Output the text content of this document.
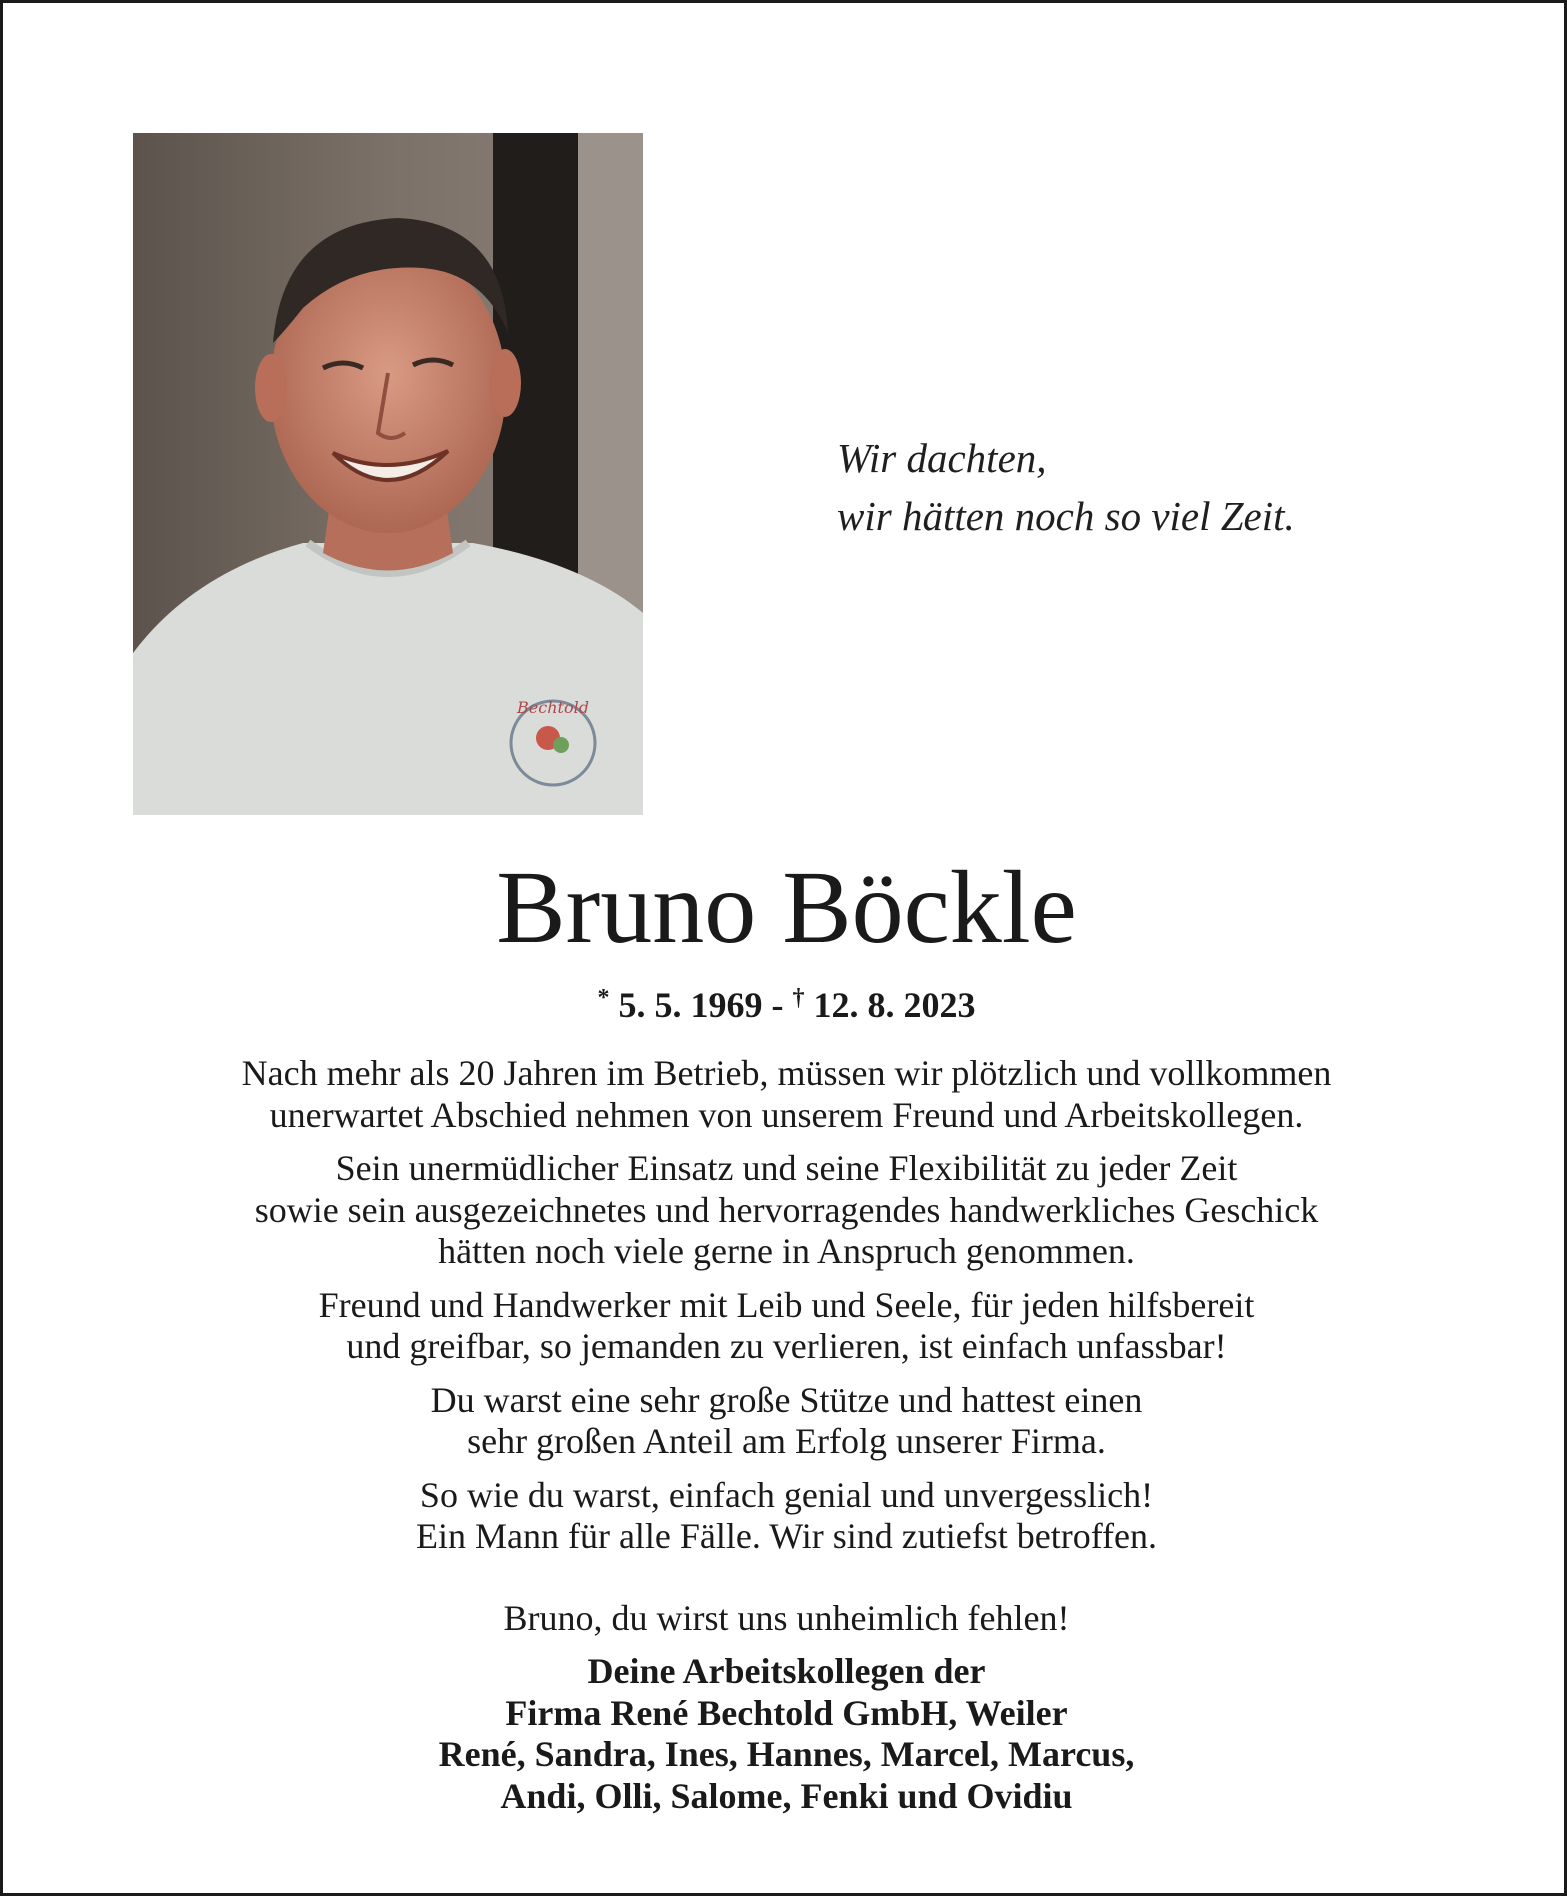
Bechtold
Wir dachten,
wir hätten noch so viel Zeit.
Bruno Böckle
* 5. 5. 1969 - † 12. 8. 2023
Nach mehr als 20 Jahren im Betrieb, müssen wir plötzlich und vollkommen
unerwartet Abschied nehmen von unserem Freund und Arbeitskollegen.
Sein unermüdlicher Einsatz und seine Flexibilität zu jeder Zeit
sowie sein ausgezeichnetes und hervorragendes handwerkliches Geschick
hätten noch viele gerne in Anspruch genommen.
Freund und Handwerker mit Leib und Seele, für jeden hilfsbereit
und greifbar, so jemanden zu verlieren, ist einfach unfassbar!
Du warst eine sehr große Stütze und hattest einen
sehr großen Anteil am Erfolg unserer Firma.
So wie du warst, einfach genial und unvergesslich!
Ein Mann für alle Fälle. Wir sind zutiefst betroffen.
Bruno, du wirst uns unheimlich fehlen!
Deine Arbeitskollegen der
Firma René Bechtold GmbH, Weiler
René, Sandra, Ines, Hannes, Marcel, Marcus,
Andi, Olli, Salome, Fenki und Ovidiu
